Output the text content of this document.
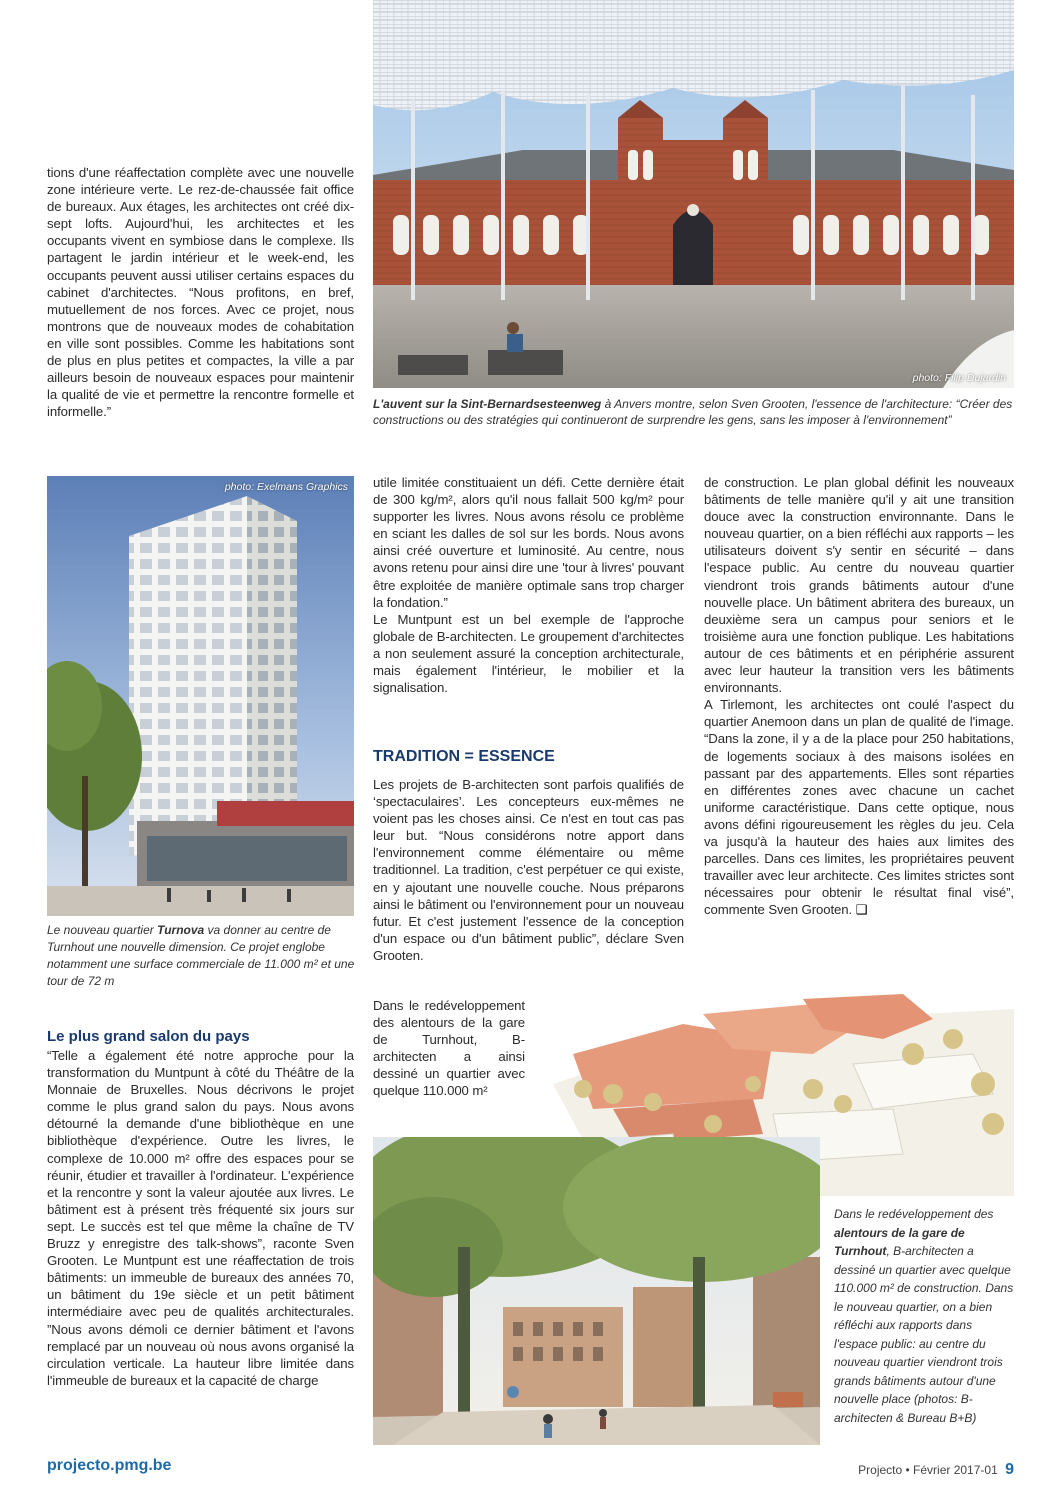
tions d'une réaffectation complète avec une nouvelle zone intérieure verte. Le rez-de-chaussée fait office de bureaux. Aux étages, les architectes ont créé dix-sept lofts. Aujourd'hui, les architectes et les occupants vivent en symbiose dans le complexe. Ils partagent le jardin intérieur et le week-end, les occupants peuvent aussi utiliser certains espaces du cabinet d'architectes. “Nous profitons, en bref, mutuellement de nos forces. Avec ce projet, nous montrons que de nouveaux modes de cohabitation en ville sont possibles. Comme les habitations sont de plus en plus petites et compactes, la ville a par ailleurs besoin de nouveaux espaces pour maintenir la qualité de vie et permettre la rencontre formelle et informelle.”

photo: Filip Dujardin
L'auvent sur la Sint-Bernardsesteenweg à Anvers montre, selon Sven Grooten, l'essence de l'architecture: “Créer des constructions ou des stratégies qui continueront de surprendre les gens, sans les imposer à l'environnement”
photo: Exelmans Graphics
Le nouveau quartier Turnova va donner au centre de Turnhout une nouvelle dimension. Ce projet englobe notamment une surface commerciale de 11.000 m² et une tour de 72 m
Le plus grand salon du pays

“Telle a également été notre approche pour la transformation du Muntpunt à côté du Théâtre de la Monnaie de Bruxelles. Nous décrivons le projet comme le plus grand salon du pays. Nous avons détourné la demande d'une bibliothèque en une bibliothèque d'expérience. Outre les livres, le complexe de 10.000 m² offre des espaces pour se réunir, étudier et travailler à l'ordinateur. L'expérience et la rencontre y sont la valeur ajoutée aux livres. Le bâtiment est à présent très fréquenté six jours sur sept. Le succès est tel que même la chaîne de TV Bruzz y enregistre des talk-shows”, raconte Sven Grooten. Le Muntpunt est une réaffectation de trois bâtiments: un immeuble de bureaux des années 70, un bâtiment du 19e siècle et un petit bâtiment intermédiaire avec peu de qualités architecturales. ”Nous avons démoli ce dernier bâtiment et l'avons remplacé par un nouveau où nous avons organisé la circulation verticale. La hauteur libre limitée dans l'immeuble de bureaux et la capacité de charge

utile limitée constituaient un défi. Cette dernière était de 300 kg/m², alors qu'il nous fallait 500 kg/m² pour supporter les livres. Nous avons résolu ce problème en sciant les dalles de sol sur les bords. Nous avons ainsi créé ouverture et luminosité. Au centre, nous avons retenu pour ainsi dire une 'tour à livres' pouvant être exploitée de manière optimale sans trop charger la fondation.”

Le Muntpunt est un bel exemple de l'approche globale de B-architecten. Le groupement d'architectes a non seulement assuré la conception architecturale, mais également l'intérieur, le mobilier et la signalisation.

TRADITION = ESSENCE

Les projets de B-architecten sont parfois qualifiés de ‘spectaculaires’. Les concepteurs eux-mêmes ne voient pas les choses ainsi. Ce n'est en tout cas pas leur but. “Nous considérons notre apport dans l'environnement comme élémentaire ou même traditionnel. La tradition, c'est perpétuer ce qui existe, en y ajoutant une nouvelle couche. Nous préparons ainsi le bâtiment ou l'environnement pour un nouveau futur. Et c'est justement l'essence de la conception d'un espace ou d'un bâtiment public”, déclare Sven Grooten.

Dans le redéveloppement des alentours de la gare de Turnhout, B-architecten a ainsi dessiné un quartier avec quelque 110.000 m²

de construction. Le plan global définit les nouveaux bâtiments de telle manière qu'il y ait une transition douce avec la construction environnante. Dans le nouveau quartier, on a bien réfléchi aux rapports – les utilisateurs doivent s'y sentir en sécurité – dans l'espace public. Au centre du nouveau quartier viendront trois grands bâtiments autour d'une nouvelle place. Un bâtiment abritera des bureaux, un deuxième sera un campus pour seniors et le troisième aura une fonction publique. Les habitations autour de ces bâtiments et en périphérie assurent avec leur hauteur la transition vers les bâtiments environnants.

A Tirlemont, les architectes ont coulé l'aspect du quartier Anemoon dans un plan de qualité de l'image. “Dans la zone, il y a de la place pour 250 habitations, de logements sociaux à des maisons isolées en passant par des appartements. Elles sont réparties en différentes zones avec chacune un cachet uniforme caractéristique. Dans cette optique, nous avons défini rigoureusement les règles du jeu. Cela va jusqu'à la hauteur des haies aux limites des parcelles. Dans ces limites, les propriétaires peuvent travailler avec leur architecte. Ces limites strictes sont nécessaires pour obtenir le résultat final visé”, commente Sven Grooten. ❑

Dans le redéveloppement des alentours de la gare de Turnhout, B-architecten a dessiné un quartier avec quelque 110.000 m² de construction. Dans le nouveau quartier, on a bien réfléchi aux rapports dans l'espace public: au centre du nouveau quartier viendront trois grands bâtiments autour d'une nouvelle place (photos: B-architecten & Bureau B+B)
projecto.pmg.be	Projecto • Février 2017-01 9
